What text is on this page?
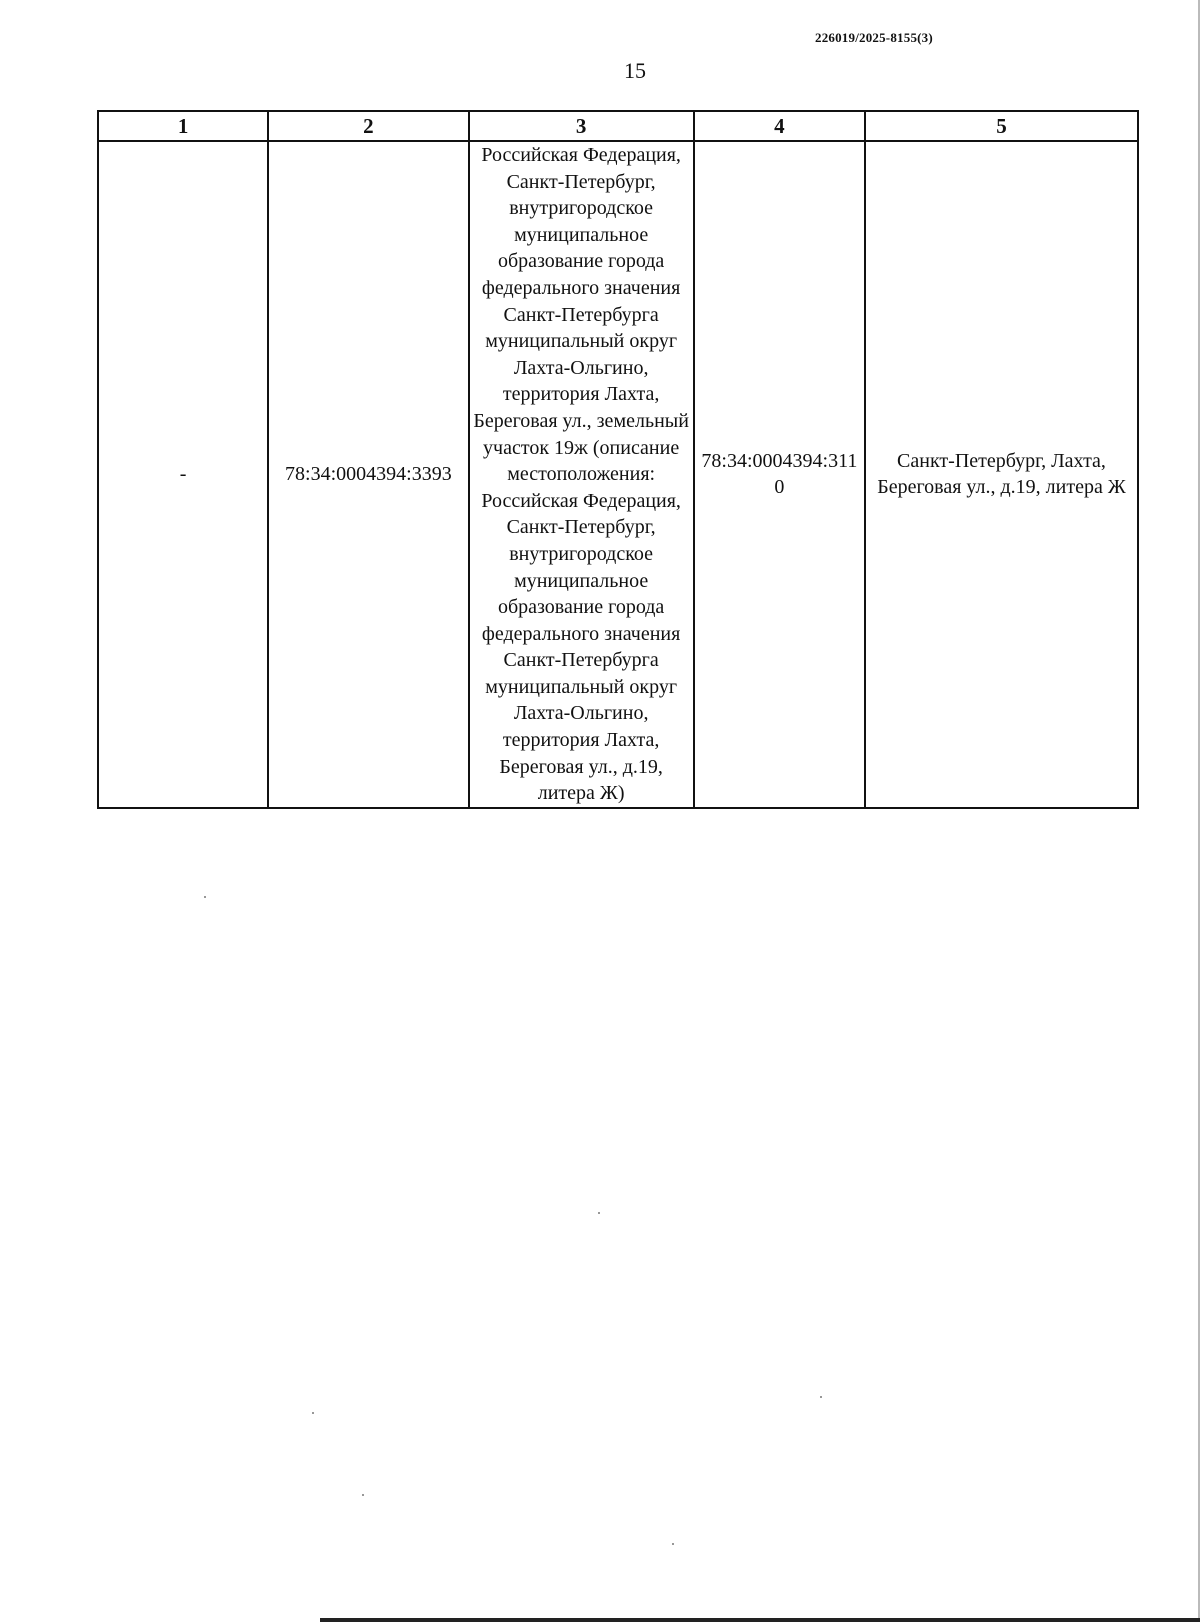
226019/2025-8155(3)
15
1	2	3	4	5
-	78:34:0004394:3393	Российская Федерация, Санкт-Петербург, внутригородское муниципальное образование города федерального значения Санкт-Петербурга муниципальный округ Лахта-Ольгино, территория Лахта, Береговая ул., земельный участок 19ж (описание местоположения: Российская Федерация, Санкт-Петербург, внутригородское муниципальное образование города федерального значения Санкт-Петербурга муниципальный округ Лахта-Ольгино, территория Лахта, Береговая ул., д.19, литера Ж)	78:34:0004394:3110	Санкт-Петербург, Лахта, Береговая ул., д.19, литера Ж
